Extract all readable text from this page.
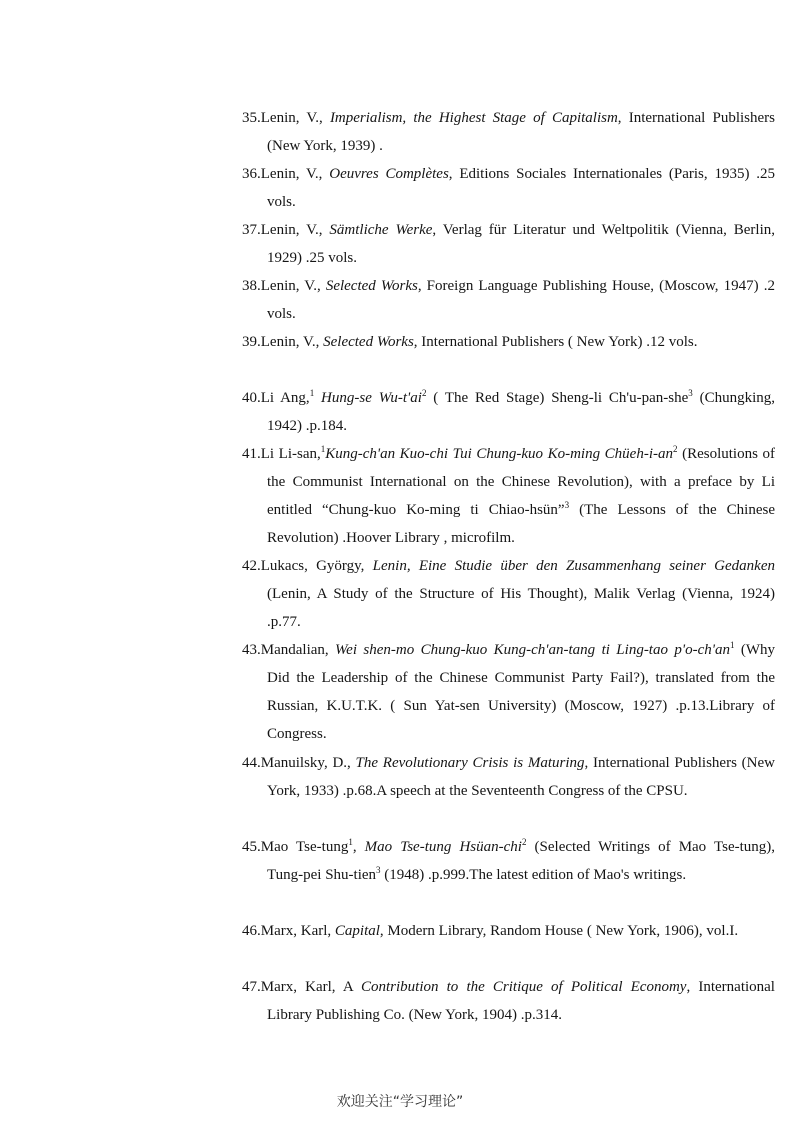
35.Lenin, V., Imperialism, the Highest Stage of Capitalism, International Publishers (New York, 1939) .

36.Lenin, V., Oeuvres Complètes, Editions Sociales Internationales (Paris, 1935) .25 vols.

37.Lenin, V., Sämtliche Werke, Verlag für Literatur und Weltpolitik (Vienna, Berlin, 1929) .25 vols.

38.Lenin, V., Selected Works, Foreign Language Publishing House, (Moscow, 1947) .2 vols.

39.Lenin, V., Selected Works, International Publishers ( New York) .12 vols.

40.Li Ang,$^1$ Hung-se $Wu-t'ai^2$ ( The Red Stage) Sheng-li Ch'u-pan-she$^3$ (Chungking, 1942) .p.184.

41.Li Li-san,$^1$Kung-ch'an Kuo-chi Tui Chung-kuo Ko-ming Chüeh-$i-an^2$ (Resolutions of the Communist International on the Chinese Revolution), with a preface by Li entitled “Chung-kuo Ko-ming ti Chiao-hsün”$^3$ (The Lessons of the Chinese Revolution) .Hoover Library , microfilm.

42.Lukacs, György, Lenin, Eine Studie über den Zusammenhang seiner Gedanken (Lenin, A Study of the Structure of His Thought), Malik Verlag (Vienna, 1924) .p.77.

43.Mandalian, Wei shen-mo Chung-kuo Kung-ch'an-tang ti Ling-tao $p'o-ch'an^1$ (Why Did the Leadership of the Chinese Communist Party Fail?), translated from the Russian, K.U.T.K. ( Sun Yat-sen University) (Moscow, 1927) .p.13.Library of Congress.

44.Manuilsky, D., The Revolutionary Crisis is Maturing, International Publishers (New York, 1933) .p.68.A speech at the Seventeenth Congress of the CPSU.

45.Mao Tse-tung$^1$, Mao Tse-tung Hsüan-chi$^2$ (Selected Writings of Mao Tse-tung), Tung-pei Shu-tien$^3$ (1948) .p.999.The latest edition of Mao's writings.

46.Marx, Karl, Capital, Modern Library, Random House ( New York, 1906), vol.I.

47.Marx, Karl, A Contribution to the Critique of Political Economy, International Library Publishing Co. (New York, 1904) .p.314.

欢迎关注“学习理论”
